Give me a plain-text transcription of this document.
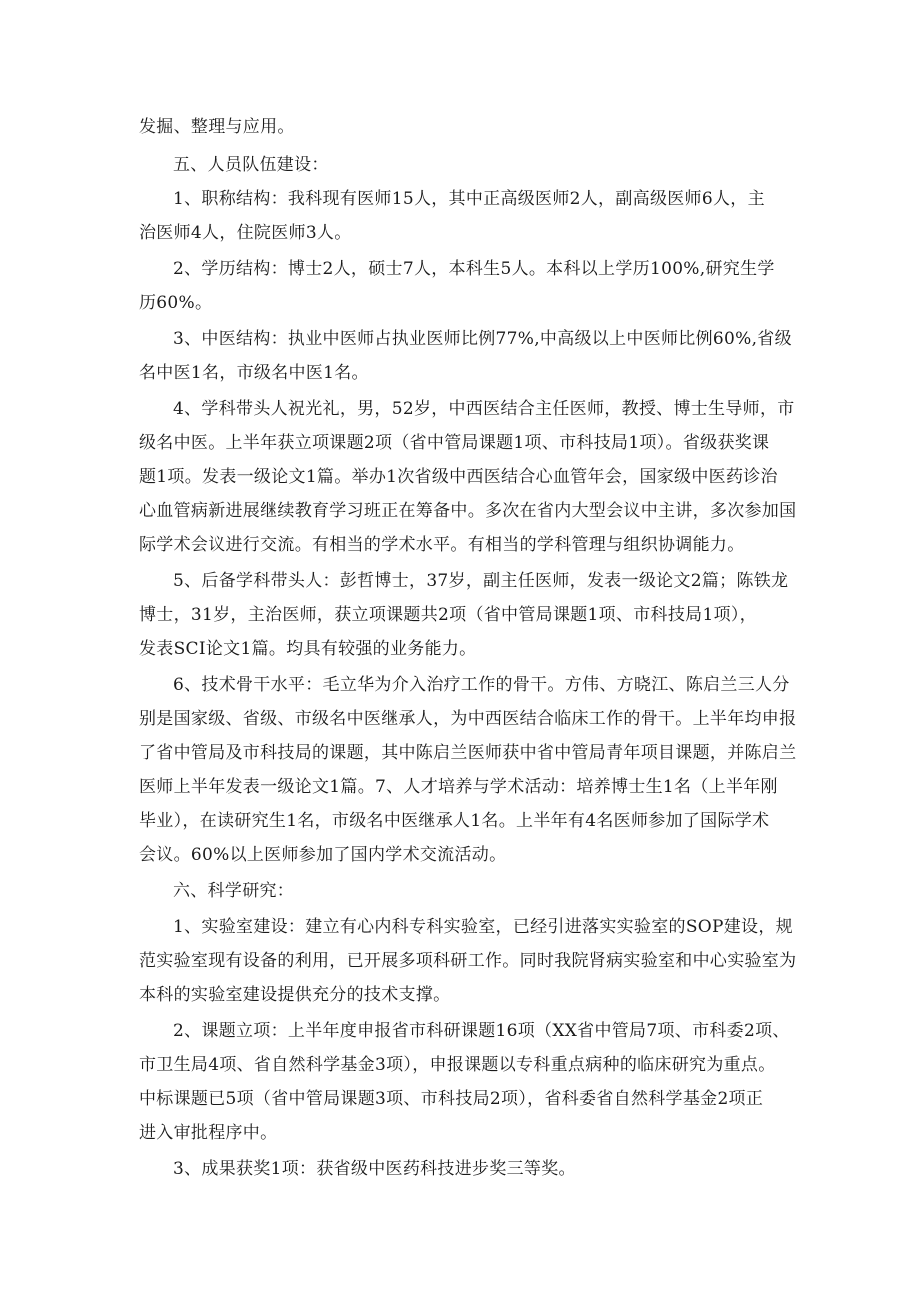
发掘、整理与应用。
五、人员队伍建设：
1、职称结构：我科现有医师15人，其中正高级医师2人，副高级医师6人，主
治医师4人，住院医师3人。
2、学历结构：博士2人，硕士7人，本科生5人。本科以上学历100%,研究生学
历60%。
3、中医结构：执业中医师占执业医师比例77%,中高级以上中医师比例60%,省级
名中医1名，市级名中医1名。
4、学科带头人祝光礼，男，52岁，中西医结合主任医师，教授、博士生导师，市
级名中医。上半年获立项课题2项（省中管局课题1项、市科技局1项）。省级获奖课
题1项。发表一级论文1篇。举办1次省级中西医结合心血管年会，国家级中医药诊治
心血管病新进展继续教育学习班正在筹备中。多次在省内大型会议中主讲，多次参加国
际学术会议进行交流。有相当的学术水平。有相当的学科管理与组织协调能力。
5、后备学科带头人：彭哲博士，37岁，副主任医师，发表一级论文2篇；陈铁龙
博士，31岁，主治医师，获立项课题共2项（省中管局课题1项、市科技局1项），
发表SCI论文1篇。均具有较强的业务能力。
6、技术骨干水平：毛立华为介入治疗工作的骨干。方伟、方晓江、陈启兰三人分
别是国家级、省级、市级名中医继承人，为中西医结合临床工作的骨干。上半年均申报
了省中管局及市科技局的课题，其中陈启兰医师获中省中管局青年项目课题，并陈启兰
医师上半年发表一级论文1篇。7、人才培养与学术活动：培养博士生1名（上半年刚
毕业），在读研究生1名，市级名中医继承人1名。上半年有4名医师参加了国际学术
会议。60%以上医师参加了国内学术交流活动。
六、科学研究：
1、实验室建设：建立有心内科专科实验室，已经引进落实实验室的SOP建设，规
范实验室现有设备的利用，已开展多项科研工作。同时我院肾病实验室和中心实验室为
本科的实验室建设提供充分的技术支撑。
2、课题立项：上半年度申报省市科研课题16项（XX省中管局7项、市科委2项、
市卫生局4项、省自然科学基金3项），申报课题以专科重点病种的临床研究为重点。
中标课题已5项（省中管局课题3项、市科技局2项），省科委省自然科学基金2项正
进入审批程序中。
3、成果获奖1项：获省级中医药科技进步奖三等奖。
